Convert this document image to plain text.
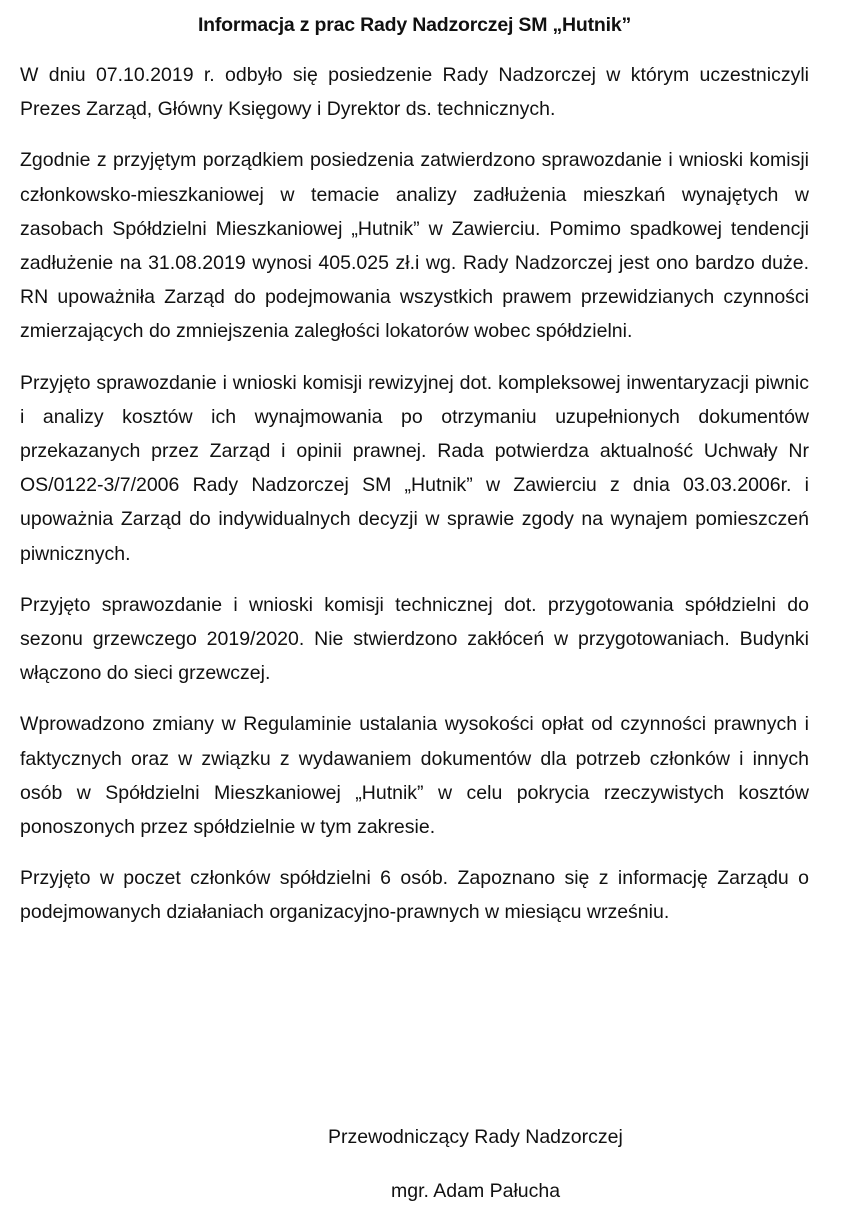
Informacja z prac Rady Nadzorczej SM „Hutnik”

W dniu 07.10.2019 r. odbyło się posiedzenie Rady Nadzorczej w którym uczestniczyli Prezes Zarząd, Główny Księgowy i Dyrektor ds. technicznych.

Zgodnie z przyjętym porządkiem posiedzenia zatwierdzono sprawozdanie i wnioski komisji członkowsko-mieszkaniowej w temacie analizy zadłużenia mieszkań wynajętych w zasobach Spółdzielni Mieszkaniowej „Hutnik” w Zawierciu. Pomimo spadkowej tendencji zadłużenie na 31.08.2019 wynosi 405.025 zł.i wg. Rady Nadzorczej jest ono bardzo duże. RN upoważniła Zarząd do podejmowania wszystkich prawem przewidzianych czynności zmierzających do zmniejszenia zaległości lokatorów wobec spółdzielni.

Przyjęto sprawozdanie i wnioski komisji rewizyjnej dot. kompleksowej inwentaryzacji piwnic i analizy kosztów ich wynajmowania po otrzymaniu uzupełnionych dokumentów przekazanych przez Zarząd i opinii prawnej. Rada potwierdza aktualność Uchwały Nr OS/0122-3/7/2006 Rady Nadzorczej SM „Hutnik” w Zawierciu z dnia 03.03.2006r. i upoważnia Zarząd do indywidualnych decyzji w sprawie zgody na wynajem pomieszczeń piwnicznych.

Przyjęto sprawozdanie i wnioski komisji technicznej dot. przygotowania spółdzielni do sezonu grzewczego 2019/2020. Nie stwierdzono zakłóceń w przygotowaniach. Budynki włączono do sieci grzewczej.

Wprowadzono zmiany w Regulaminie ustalania wysokości opłat od czynności prawnych i faktycznych oraz w związku z wydawaniem dokumentów dla potrzeb członków i innych osób w Spółdzielni Mieszkaniowej „Hutnik” w celu pokrycia rzeczywistych kosztów ponoszonych przez spółdzielnie w tym zakresie.

Przyjęto w poczet członków spółdzielni 6 osób. Zapoznano się z informację Zarządu o podejmowanych działaniach organizacyjno-prawnych w miesiącu wrześniu.

Przewodniczący Rady Nadzorczej
mgr. Adam Pałucha
